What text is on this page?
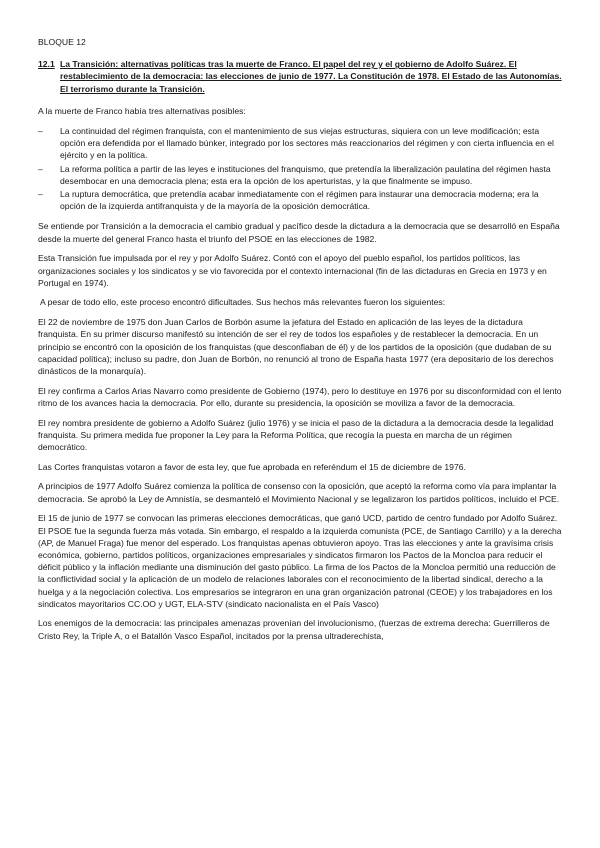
BLOQUE 12
12.1 La Transición: alternativas políticas tras la muerte de Franco. El papel del rey y el gobierno de Adolfo Suárez. El restablecimiento de la democracia: las elecciones de junio de 1977. La Constitución de 1978. El Estado de las Autonomías. El terrorismo durante la Transición.

A la muerte de Franco había tres alternativas posibles:

–	La continuidad del régimen franquista, con el mantenimiento de sus viejas estructuras, siquiera con un leve modificación; esta opción era defendida por el llamado búnker, integrado por los sectores más reaccionarios del régimen y con cierta influencia en el ejército y en la política.
–	La reforma política a partir de las leyes e instituciones del franquismo, que pretendía la liberalización paulatina del régimen hasta desembocar en una democracia plena; esta era la opción de los aperturistas, y la que finalmente se impuso.
–	La ruptura democrática, que pretendía acabar inmediatamente con el régimen para instaurar una democracia moderna; era la opción de la izquierda antifranquista y de la mayoría de la oposición democrática.

Se entiende por Transición a la democracia el cambio gradual y pacífico desde la dictadura a la democracia que se desarrolló en España desde la muerte del general Franco hasta el triunfo del PSOE en las elecciones de 1982.

Esta Transición fue impulsada por el rey y por Adolfo Suárez. Contó con el apoyo del pueblo español, los partidos políticos, las organizaciones sociales y los sindicatos y se vio favorecida por el contexto internacional (fin de las dictaduras en Grecia en 1973 y en Portugal en 1974).

A pesar de todo ello, este proceso encontró dificultades. Sus hechos más relevantes fueron los siguientes:

El 22 de noviembre de 1975 don Juan Carlos de Borbón asume la jefatura del Estado en aplicación de las leyes de la dictadura franquista. En su primer discurso manifestó su intención de ser el rey de todos los españoles y de restablecer la democracia. En un principio se encontró con la oposición de los franquistas (que desconfiaban de él) y de los partidos de la oposición (que dudaban de su capacidad política); incluso su padre, don Juan de Borbón, no renunció al trono de España hasta 1977 (era depositario de los derechos dinásticos de la monarquía).

El rey confirma a Carlos Arias Navarro como presidente de Gobierno (1974), pero lo destituye en 1976 por su disconformidad con el lento ritmo de los avances hacia la democracia. Por ello, durante su presidencia, la oposición se moviliza a favor de la democracia.

El rey nombra presidente de gobierno a Adolfo Suárez (julio 1976) y se inicia el paso de la dictadura a la democracia desde la legalidad franquista. Su primera medida fue proponer la Ley para la Reforma Política, que recogía la puesta en marcha de un régimen democrático.

Las Cortes franquistas votaron a favor de esta ley, que fue aprobada en referéndum el 15 de diciembre de 1976.

A principios de 1977 Adolfo Suárez comienza la política de consenso con la oposición, que aceptó la reforma como vía para implantar la democracia. Se aprobó la Ley de Amnistía, se desmanteló el Movimiento Nacional y se legalizaron los partidos políticos, incluido el PCE.

El 15 de junio de 1977 se convocan las primeras elecciones democráticas, que ganó UCD, partido de centro fundado por Adolfo Suárez. El PSOE fue la segunda fuerza más votada. Sin embargo, el respaldo a la izquierda comunista (PCE, de Santiago Carrillo) y a la derecha (AP, de Manuel Fraga) fue menor del esperado. Los franquistas apenas obtuvieron apoyo. Tras las elecciones y ante la gravísima crisis económica, gobierno, partidos políticos, organizaciones empresariales y sindicatos firmaron los Pactos de la Moncloa para reducir el déficit público y la inflación mediante una disminución del gasto público. La firma de los Pactos de la Moncloa permitió una reducción de la conflictividad social y la aplicación de un modelo de relaciones laborales con el reconocimiento de la libertad sindical, derecho a la huelga y a la negociación colectiva. Los empresarios se integraron en una gran organización patronal (CEOE) y los trabajadores en los sindicatos mayoritarios CC.OO y UGT, ELA-STV (sindicato nacionalista en el País Vasco)

Los enemigos de la democracia: las principales amenazas provenían del involucionismo, (fuerzas de extrema derecha: Guerrilleros de Cristo Rey, la Triple A, o el Batallón Vasco Español, incitados por la prensa ultraderechista,
